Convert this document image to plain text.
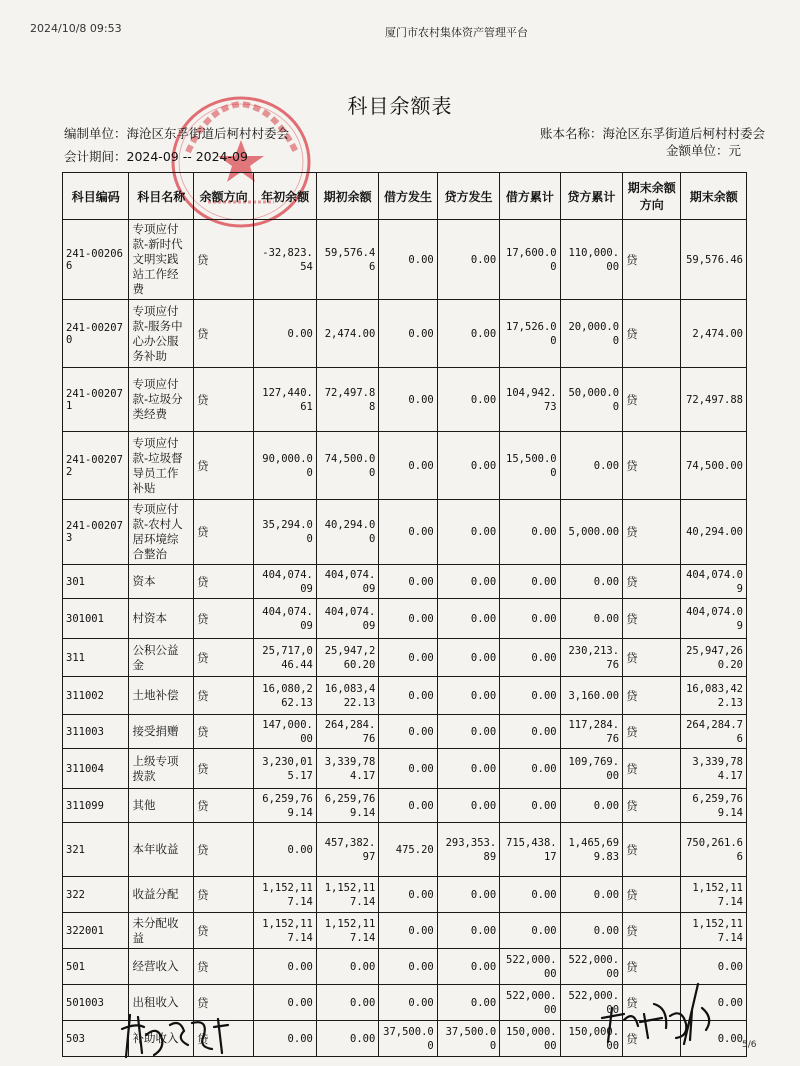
2024/10/8 09:53	厦门市农村集体资产管理平台
科目余额表
编制单位：海沧区东孚街道后柯村村委会	账本名称：海沧区东孚街道后柯村村委会
会计期间：2024-09 -- 2024-09	金额单位：元
科目编码	科目名称	余额方向	年初余额	期初余额	借方发生	贷方发生	借方累计	贷方累计	期末余额方向	期末余额
241-002066	专项应付款-新时代文明实践站工作经费	贷	-32,823.54	59,576.46	0.00	0.00	17,600.00	110,000.00	贷	59,576.46
241-002070	专项应付款-服务中心办公服务补助	贷	0.00	2,474.00	0.00	0.00	17,526.00	20,000.00	贷	2,474.00
241-002071	专项应付款-垃圾分类经费	贷	127,440.61	72,497.88	0.00	0.00	104,942.73	50,000.00	贷	72,497.88
241-002072	专项应付款-垃圾督导员工作补贴	贷	90,000.00	74,500.00	0.00	0.00	15,500.00	0.00	贷	74,500.00
241-002073	专项应付款-农村人居环境综合整治	贷	35,294.00	40,294.00	0.00	0.00	0.00	5,000.00	贷	40,294.00
301	资本	贷	404,074.09	404,074.09	0.00	0.00	0.00	0.00	贷	404,074.09
301001	村资本	贷	404,074.09	404,074.09	0.00	0.00	0.00	0.00	贷	404,074.09
311	公积公益金	贷	25,717,046.44	25,947,260.20	0.00	0.00	0.00	230,213.76	贷	25,947,260.20
311002	土地补偿	贷	16,080,262.13	16,083,422.13	0.00	0.00	0.00	3,160.00	贷	16,083,422.13
311003	接受捐赠	贷	147,000.00	264,284.76	0.00	0.00	0.00	117,284.76	贷	264,284.76
311004	上级专项拨款	贷	3,230,015.17	3,339,784.17	0.00	0.00	0.00	109,769.00	贷	3,339,784.17
311099	其他	贷	6,259,769.14	6,259,769.14	0.00	0.00	0.00	0.00	贷	6,259,769.14
321	本年收益	贷	0.00	457,382.97	475.20	293,353.89	715,438.17	1,465,699.83	贷	750,261.66
322	收益分配	贷	1,152,117.14	1,152,117.14	0.00	0.00	0.00	0.00	贷	1,152,117.14
322001	未分配收益	贷	1,152,117.14	1,152,117.14	0.00	0.00	0.00	0.00	贷	1,152,117.14
501	经营收入	贷	0.00	0.00	0.00	0.00	522,000.00	522,000.00	贷	0.00
501003	出租收入	贷	0.00	0.00	0.00	0.00	522,000.00	522,000.00	贷	0.00
503	补助收入	贷	0.00	0.00	37,500.00	37,500.00	150,000.00	150,000.00	贷	0.00
5/6
